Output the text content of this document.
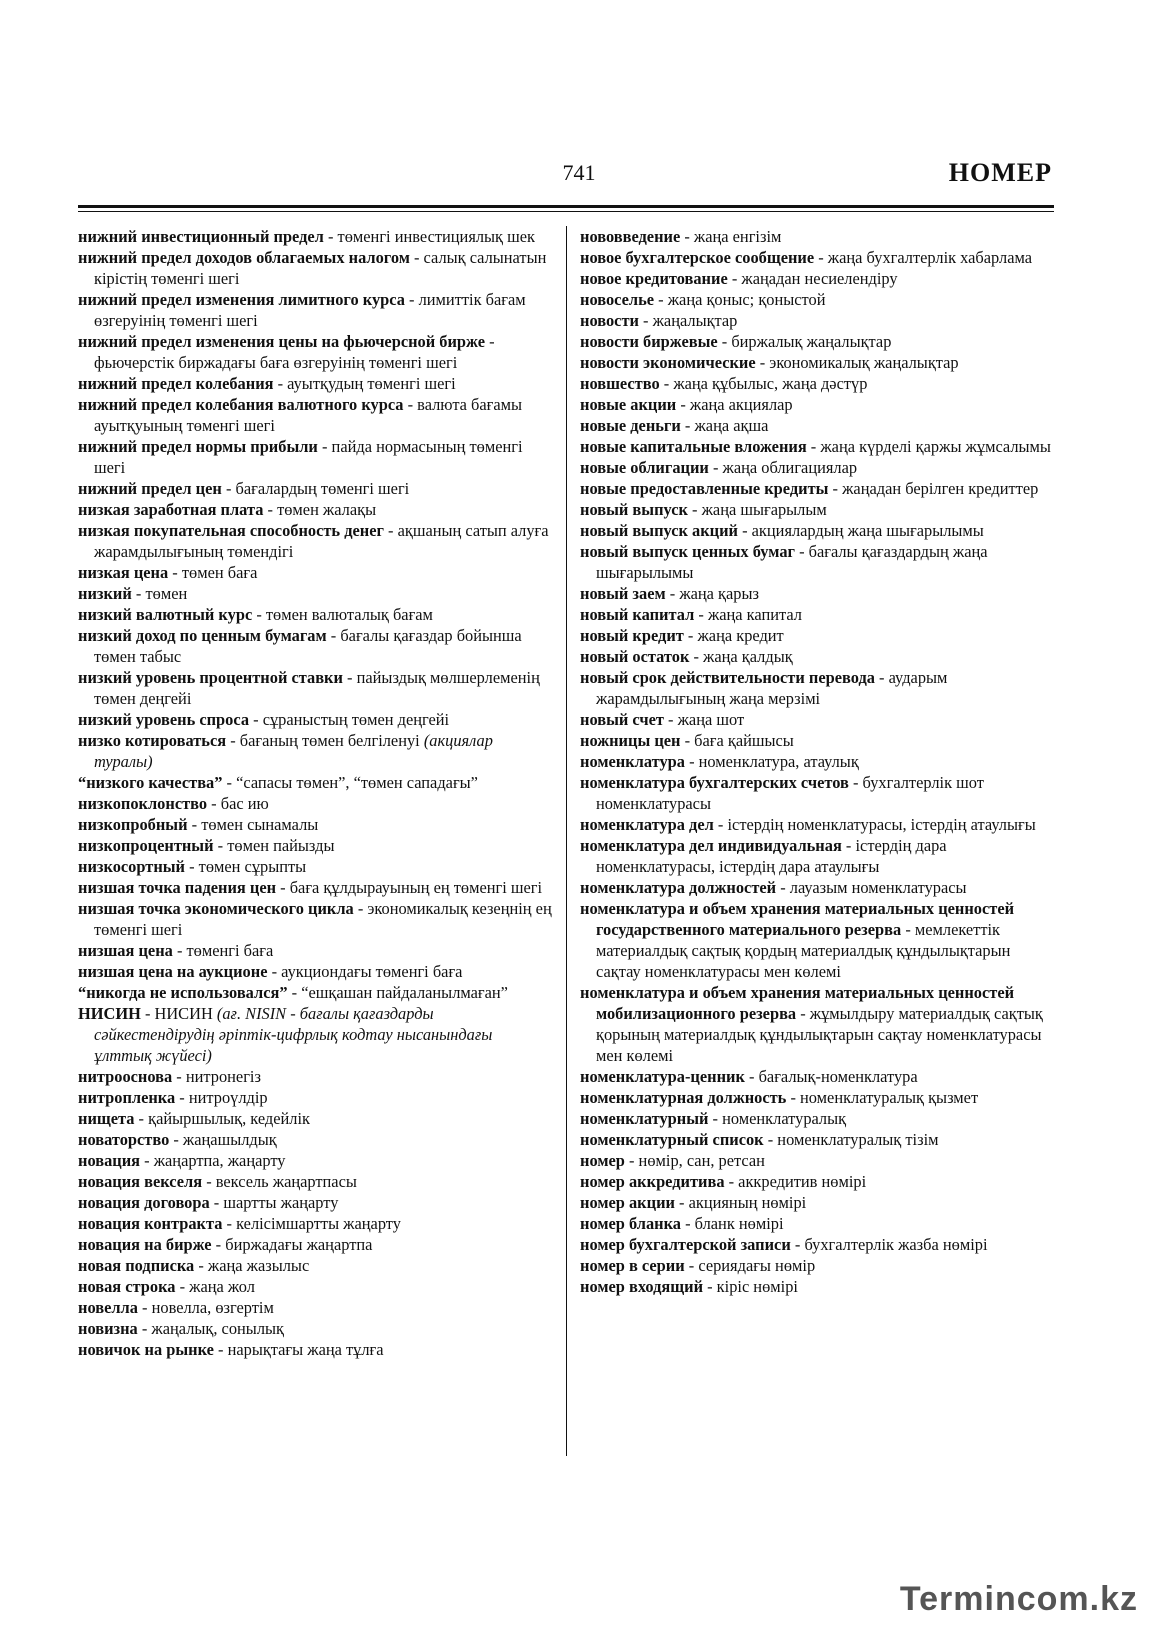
741	НОМЕР

нижний инвестиционный предел - төменгі инвестициялық шек

нижний предел доходов облагаемых налогом - салық салынатын кірістің төменгі шегі

нижний предел изменения лимитного курса - лимиттік бағам өзгеруінің төменгі шегі

нижний предел изменения цены на фьючерсной бирже - фьючерстік биржадағы баға өзгеруінің төменгі шегі

нижний предел колебания - ауытқудың төменгі шегі

нижний предел колебания валютного курса - валюта бағамы ауытқуының төменгі шегі

нижний предел нормы прибыли - пайда нормасының төменгі шегі

нижний предел цен - бағалардың төменгі шегі

низкая заработная плата - төмен жалақы

низкая покупательная способность денег - ақшаның сатып алуға жарамдылығының төмендігі

низкая цена - төмен баға

низкий - төмен

низкий валютный курс - төмен валюталық бағам

низкий доход по ценным бумагам - бағалы қағаздар бойынша төмен табыс

низкий уровень процентной ставки - пайыздық мөлшерлеменің төмен деңгейі

низкий уровень спроса - сұраныстың төмен деңгейі

низко котироваться - бағаның төмен белгіленуі (акциялар туралы)

“низкого качества” - “сапасы төмен”, “төмен сападағы”

низкопоклонство - бас ию

низкопробный - төмен сынамалы

низкопроцентный - төмен пайызды

низкосортный - төмен сұрыпты

низшая точка падения цен - баға құлдырауының ең төменгі шегі

низшая точка экономического цикла - экономикалық кезеңнің ең төменгі шегі

низшая цена - төменгі баға

низшая цена на аукционе - аукциондағы төменгі баға

“никогда не использовался” - “ешқашан пайдаланылмаған”

НИСИН - НИСИН (ағ. NISIN - бағалы қағаздарды сәйкестендірудің әріптік-цифрлық кодтау нысанындағы ұлттық жүйесі)

нитрооснова - нитронегіз

нитропленка - нитроүлдір

нищета - қайыршылық, кедейлік

новаторство - жаңашылдық

новация - жаңартпа, жаңарту

новация векселя - вексель жаңартпасы

новация договора - шартты жаңарту

новация контракта - келісімшартты жаңарту

новация на бирже - биржадағы жаңартпа

новая подписка - жаңа жазылыс

новая строка - жаңа жол

новелла - новелла, өзгертім

новизна - жаңалық, сонылық

новичок на рынке - нарықтағы жаңа тұлға

нововведение - жаңа енгізім

новое бухгалтерское сообщение - жаңа бухгалтерлік хабарлама

новое кредитование - жаңадан несиелендіру

новоселье - жаңа қоныс; қоныстой

новости - жаңалықтар

новости биржевые - биржалық жаңалықтар

новости экономические - экономикалық жаңалықтар

новшество - жаңа құбылыс, жаңа дәстүр

новые акции - жаңа акциялар

новые деньги - жаңа ақша

новые капитальные вложения - жаңа күрделі қаржы жұмсалымы

новые облигации - жаңа облигациялар

новые предоставленные кредиты - жаңадан берілген кредиттер

новый выпуск - жаңа шығарылым

новый выпуск акций - акциялардың жаңа шығарылымы

новый выпуск ценных бумаг - бағалы қағаздардың жаңа шығарылымы

новый заем - жаңа қарыз

новый капитал - жаңа капитал

новый кредит - жаңа кредит

новый остаток - жаңа қалдық

новый срок действительности перевода - аударым жарамдылығының жаңа мерзімі

новый счет - жаңа шот

ножницы цен - баға қайшысы

номенклатура - номенклатура, атаулық

номенклатура бухгалтерских счетов - бухгалтерлік шот номенклатурасы

номенклатура дел - істердің номенклатурасы, істердің атаулығы

номенклатура дел индивидуальная - істердің дара номенклатурасы, істердің дара атаулығы

номенклатура должностей - лауазым номенклатурасы

номенклатура и объем хранения материальных ценностей государственного материального резерва - мемлекеттік материалдық сақтық қордың материалдық құндылықтарын сақтау номенклатурасы мен көлемі

номенклатура и объем хранения материальных ценностей мобилизационного резерва - жұмылдыру материалдық сақтық қорының материалдық құндылықтарын сақтау номенклатурасы мен көлемі

номенклатура-ценник - бағалық-номенклатура

номенклатурная должность - номенклатуралық қызмет

номенклатурный - номенклатуралық

номенклатурный список - номенклатуралық тізім

номер - нөмір, сан, ретсан

номер аккредитива - аккредитив нөмірі

номер акции - акцияның нөмірі

номер бланка - бланк нөмірі

номер бухгалтерской записи - бухгалтерлік жазба нөмірі

номер в серии - сериядағы нөмір

номер входящий - кіріс нөмірі

Termincom.kz
